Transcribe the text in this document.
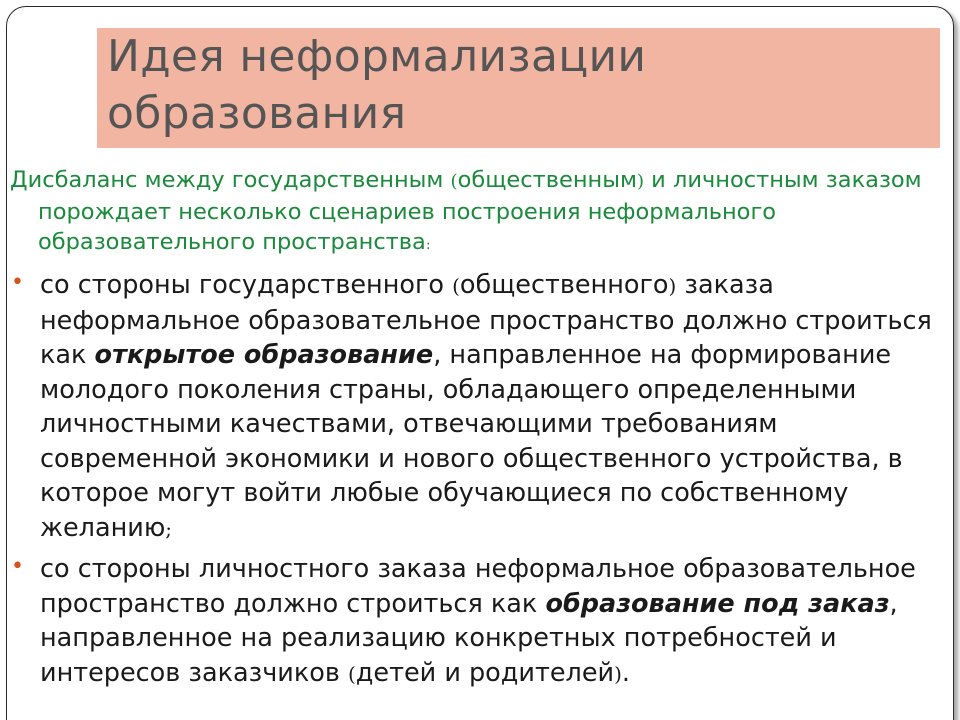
Идея неформализации
образования

Дисбаланс между государственным (общественным) и личностным заказом порождает несколько сценариев построения неформального образовательного пространства:

• со стороны государственного (общественного) заказа неформальное образовательное пространство должно строиться как открытое образование, направленное на формирование молодого поколения страны, обладающего определенными личностными качествами, отвечающими требованиям современной экономики и нового общественного устройства, в которое могут войти любые обучающиеся по собственному желанию;
• со стороны личностного заказа неформальное образовательное пространство должно строиться как образование под заказ, направленное на реализацию конкретных потребностей и интересов заказчиков (детей и родителей).
